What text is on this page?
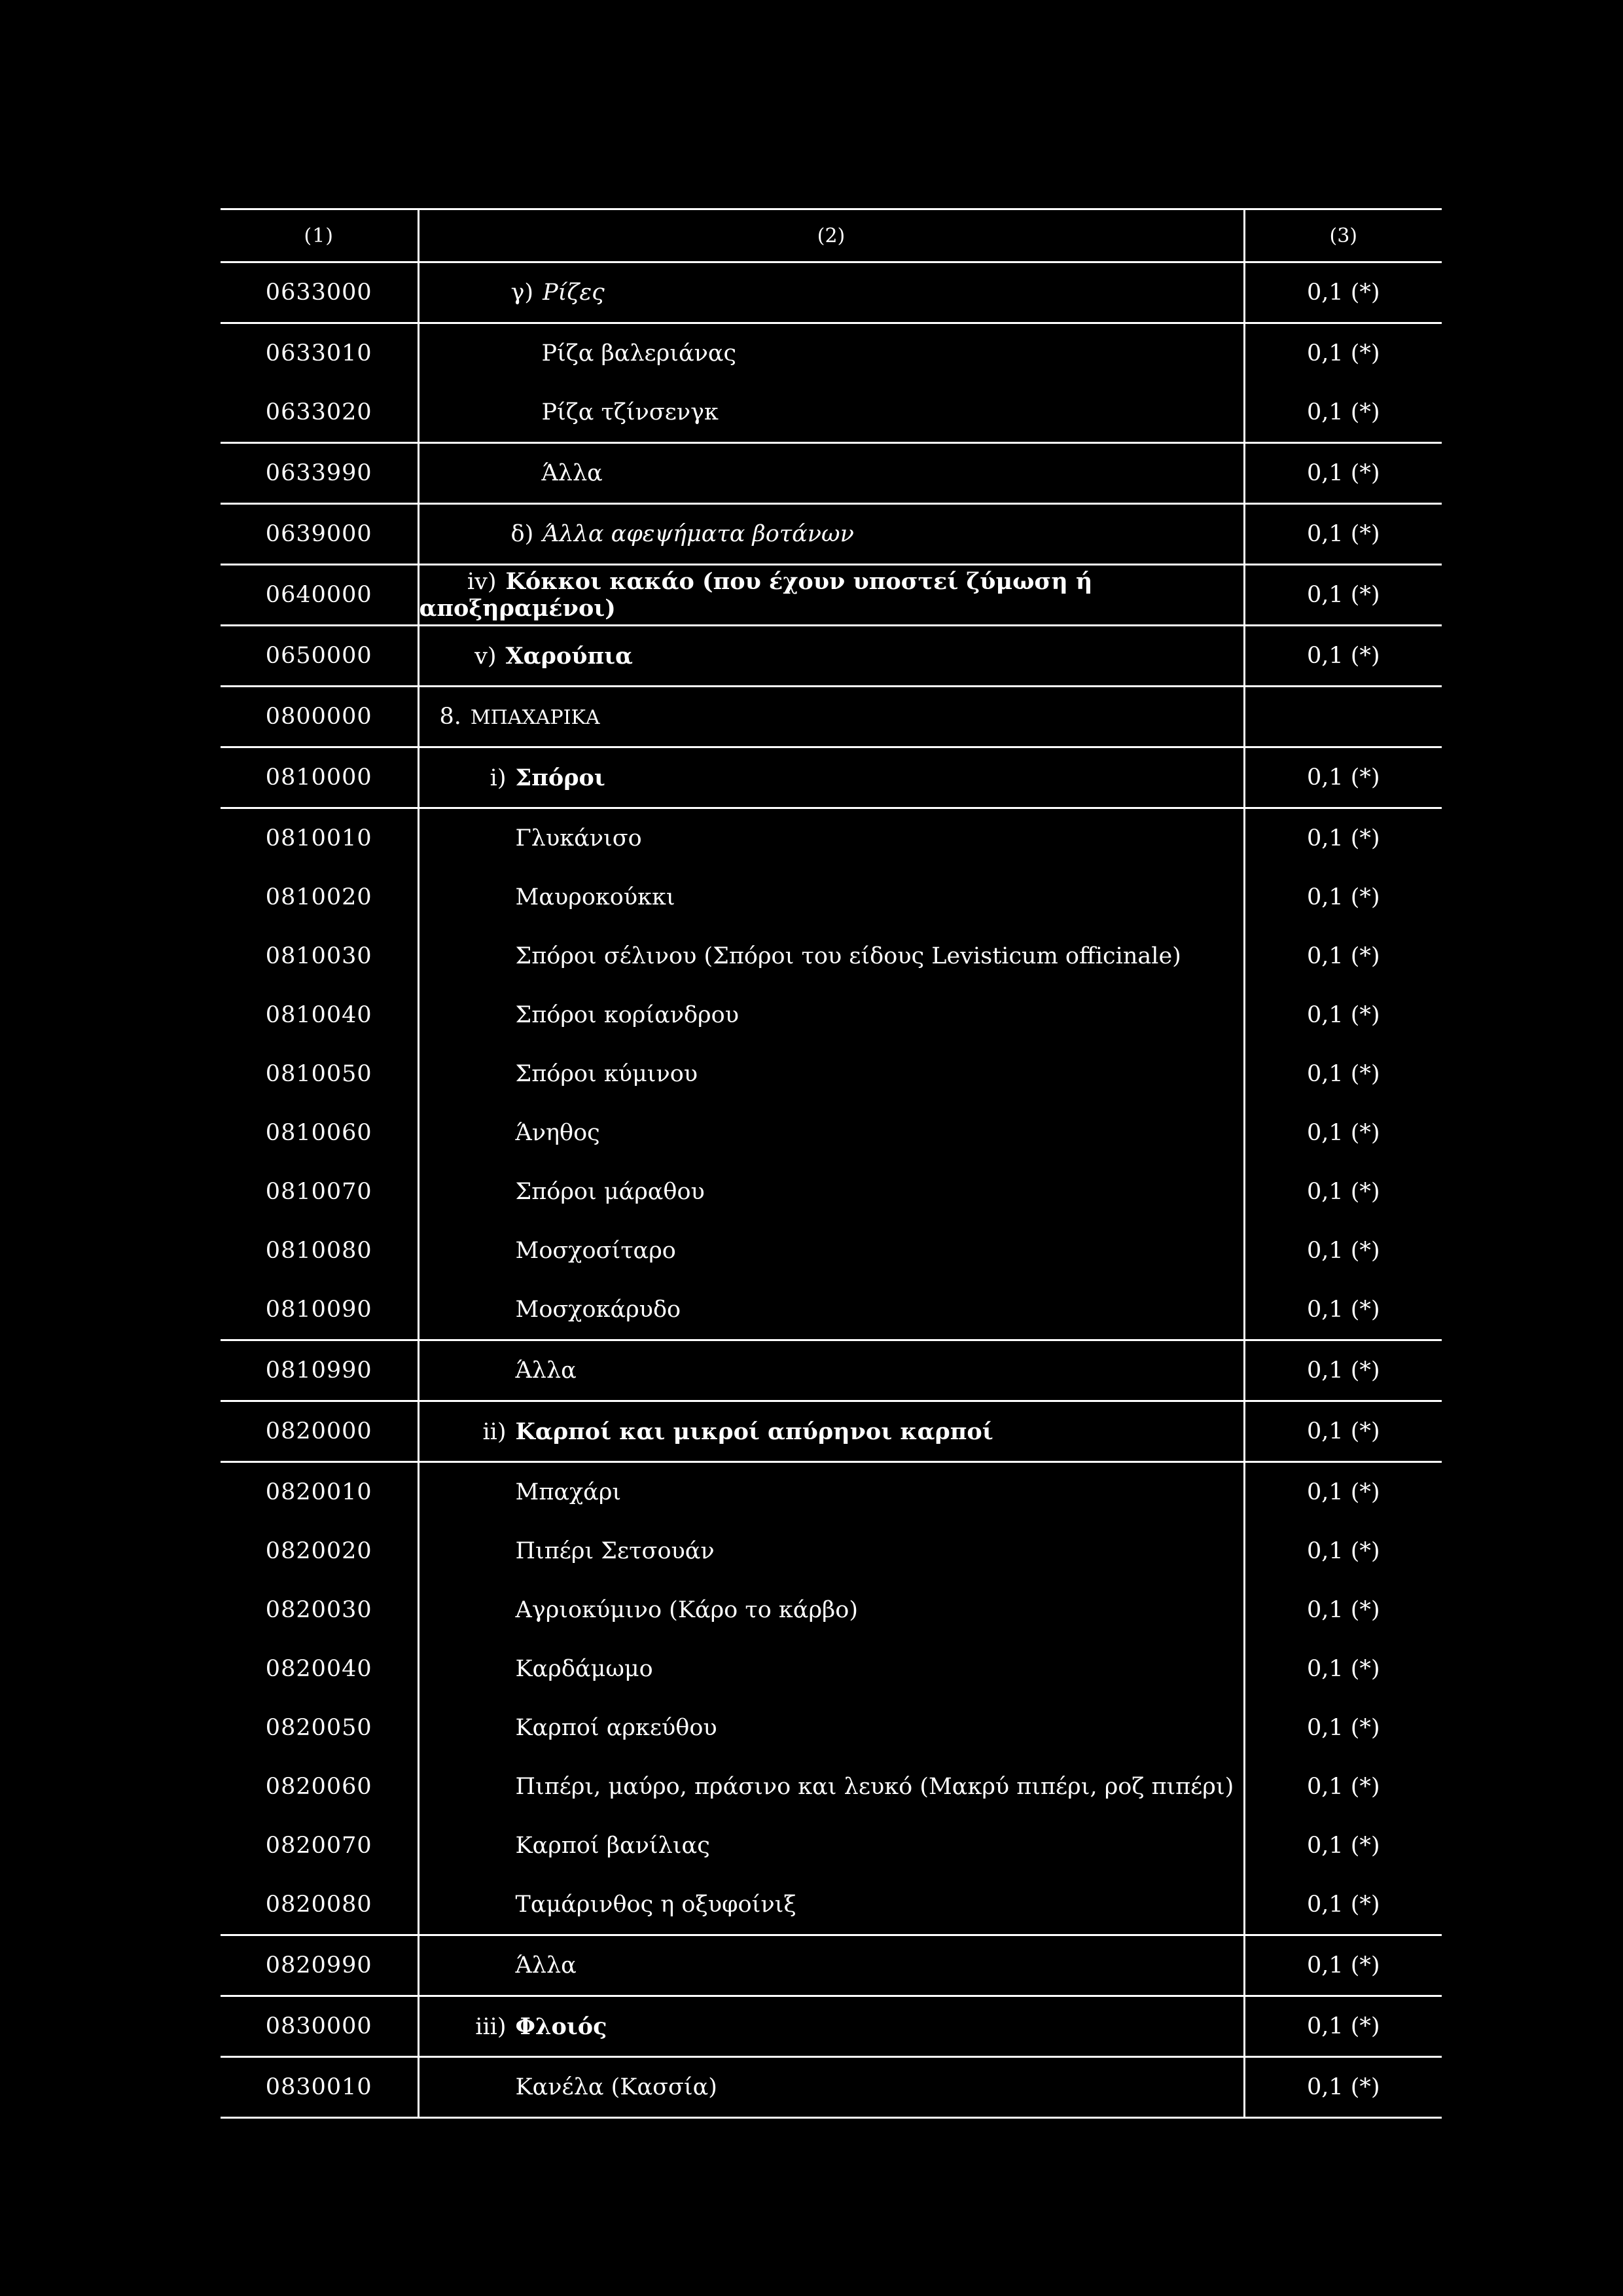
(1)	(2)	(3)
0633000	γ) Ρίζες	0,1 (*)
0633010	Ρίζα βαλεριάνας	0,1 (*)
0633020	Ρίζα τζίνσενγκ	0,1 (*)
0633990	Άλλα	0,1 (*)
0639000	δ) Άλλα αφεψήματα βοτάνων	0,1 (*)
0640000	iv) Κόκκοι κακάο (που έχουν υποστεί ζύμωση ή αποξηραμένοι)	0,1 (*)
0650000	v) Χαρούπια	0,1 (*)
0800000	8. ΜΠΑΧΑΡΙΚΑ	

0810000	i) Σπόροι	0,1 (*)
0810010	Γλυκάνισο	0,1 (*)
0810020	Μαυροκούκκι	0,1 (*)
0810030	Σπόροι σέλινου (Σπόροι του είδους Levisticum officinale)	0,1 (*)
0810040	Σπόροι κορίανδρου	0,1 (*)
0810050	Σπόροι κύμινου	0,1 (*)
0810060	Άνηθος	0,1 (*)
0810070	Σπόροι μάραθου	0,1 (*)
0810080	Μοσχοσίταρο	0,1 (*)
0810090	Μοσχοκάρυδο	0,1 (*)
0810990	Άλλα	0,1 (*)
0820000	ii) Καρποί και μικροί απύρηνοι καρποί	0,1 (*)
0820010	Μπαχάρι	0,1 (*)
0820020	Πιπέρι Σετσουάν	0,1 (*)
0820030	Αγριοκύμινο (Κάρο το κάρβο)	0,1 (*)
0820040	Καρδάμωμο	0,1 (*)
0820050	Καρποί αρκεύθου	0,1 (*)
0820060	Πιπέρι, μαύρο, πράσινο και λευκό (Μακρύ πιπέρι, ροζ πιπέρι)	0,1 (*)
0820070	Καρποί βανίλιας	0,1 (*)
0820080	Ταμάρινθος η οξυφοίνιξ	0,1 (*)
0820990	Άλλα	0,1 (*)
0830000	iii) Φλοιός	0,1 (*)
0830010	Κανέλα (Κασσία)	0,1 (*)
